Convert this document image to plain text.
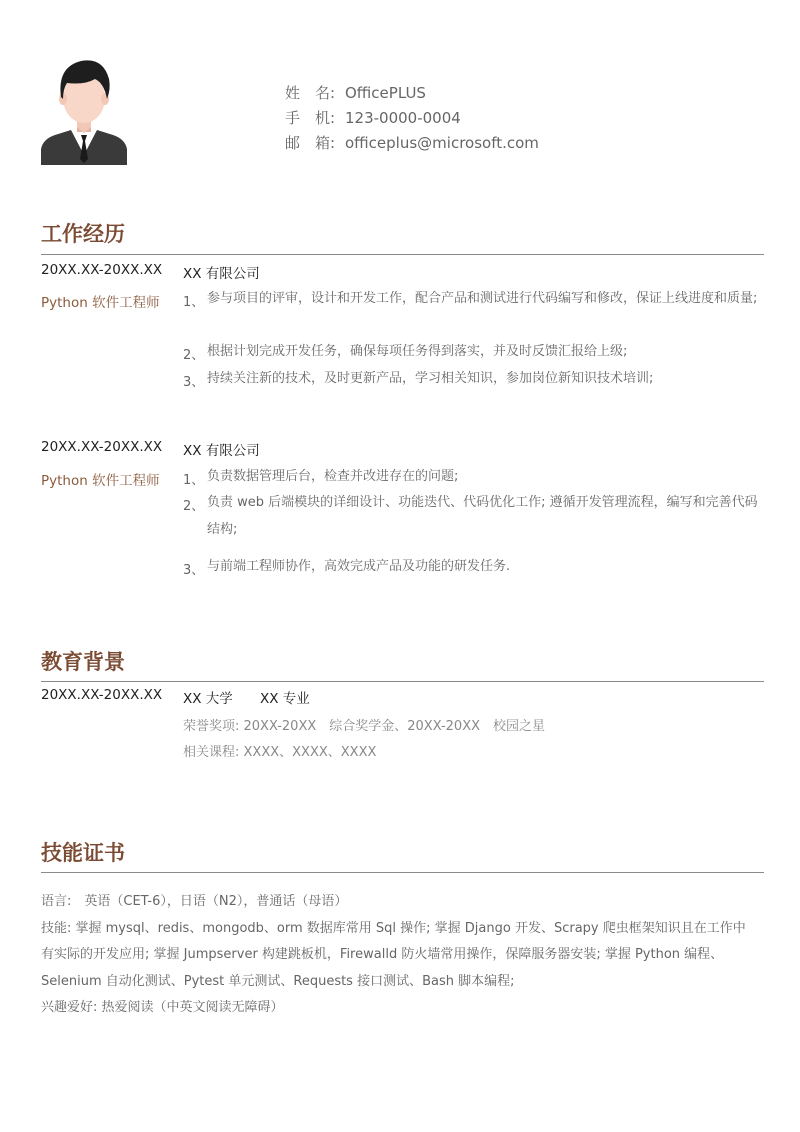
姓　名: OfficePLUS
手　机: 123-0000-0004
邮　箱: officeplus@microsoft.com
工作经历
20XX.XX-20XX.XX XX 有限公司
Python 软件工程师 1、 参与项目的评审，设计和开发工作，配合产品和测试进行代码编写和修改，保证上线进度和质量;
2、 根据计划完成开发任务，确保每项任务得到落实，并及时反馈汇报给上级;
3、 持续关注新的技术，及时更新产品，学习相关知识，参加岗位新知识技术培训;
20XX.XX-20XX.XX XX 有限公司
Python 软件工程师 1、 负责数据管理后台，检查并改进存在的问题;
2、 负责 web 后端模块的详细设计、功能迭代、代码优化工作; 遵循开发管理流程，编写和完善代码结构;
3、 与前端工程师协作，高效完成产品及功能的研发任务.
教育背景
20XX.XX-20XX.XX XX 大学 XX 专业
荣誉奖项: 20XX-20XX　综合奖学金、20XX-20XX　校园之星
相关课程: XXXX、XXXX、XXXX
技能证书
语言:　英语（CET-6），日语（N2），普通话（母语）
技能: 掌握 mysql、redis、mongodb、orm 数据库常用 Sql 操作; 掌握 Django 开发、Scrapy 爬虫框架知识且在工作中
有实际的开发应用; 掌握 Jumpserver 构建跳板机，Firewalld 防火墙常用操作，保障服务器安装; 掌握 Python 编程、
Selenium 自动化测试、Pytest 单元测试、Requests 接口测试、Bash 脚本编程;
兴趣爱好: 热爱阅读（中英文阅读无障碍）
